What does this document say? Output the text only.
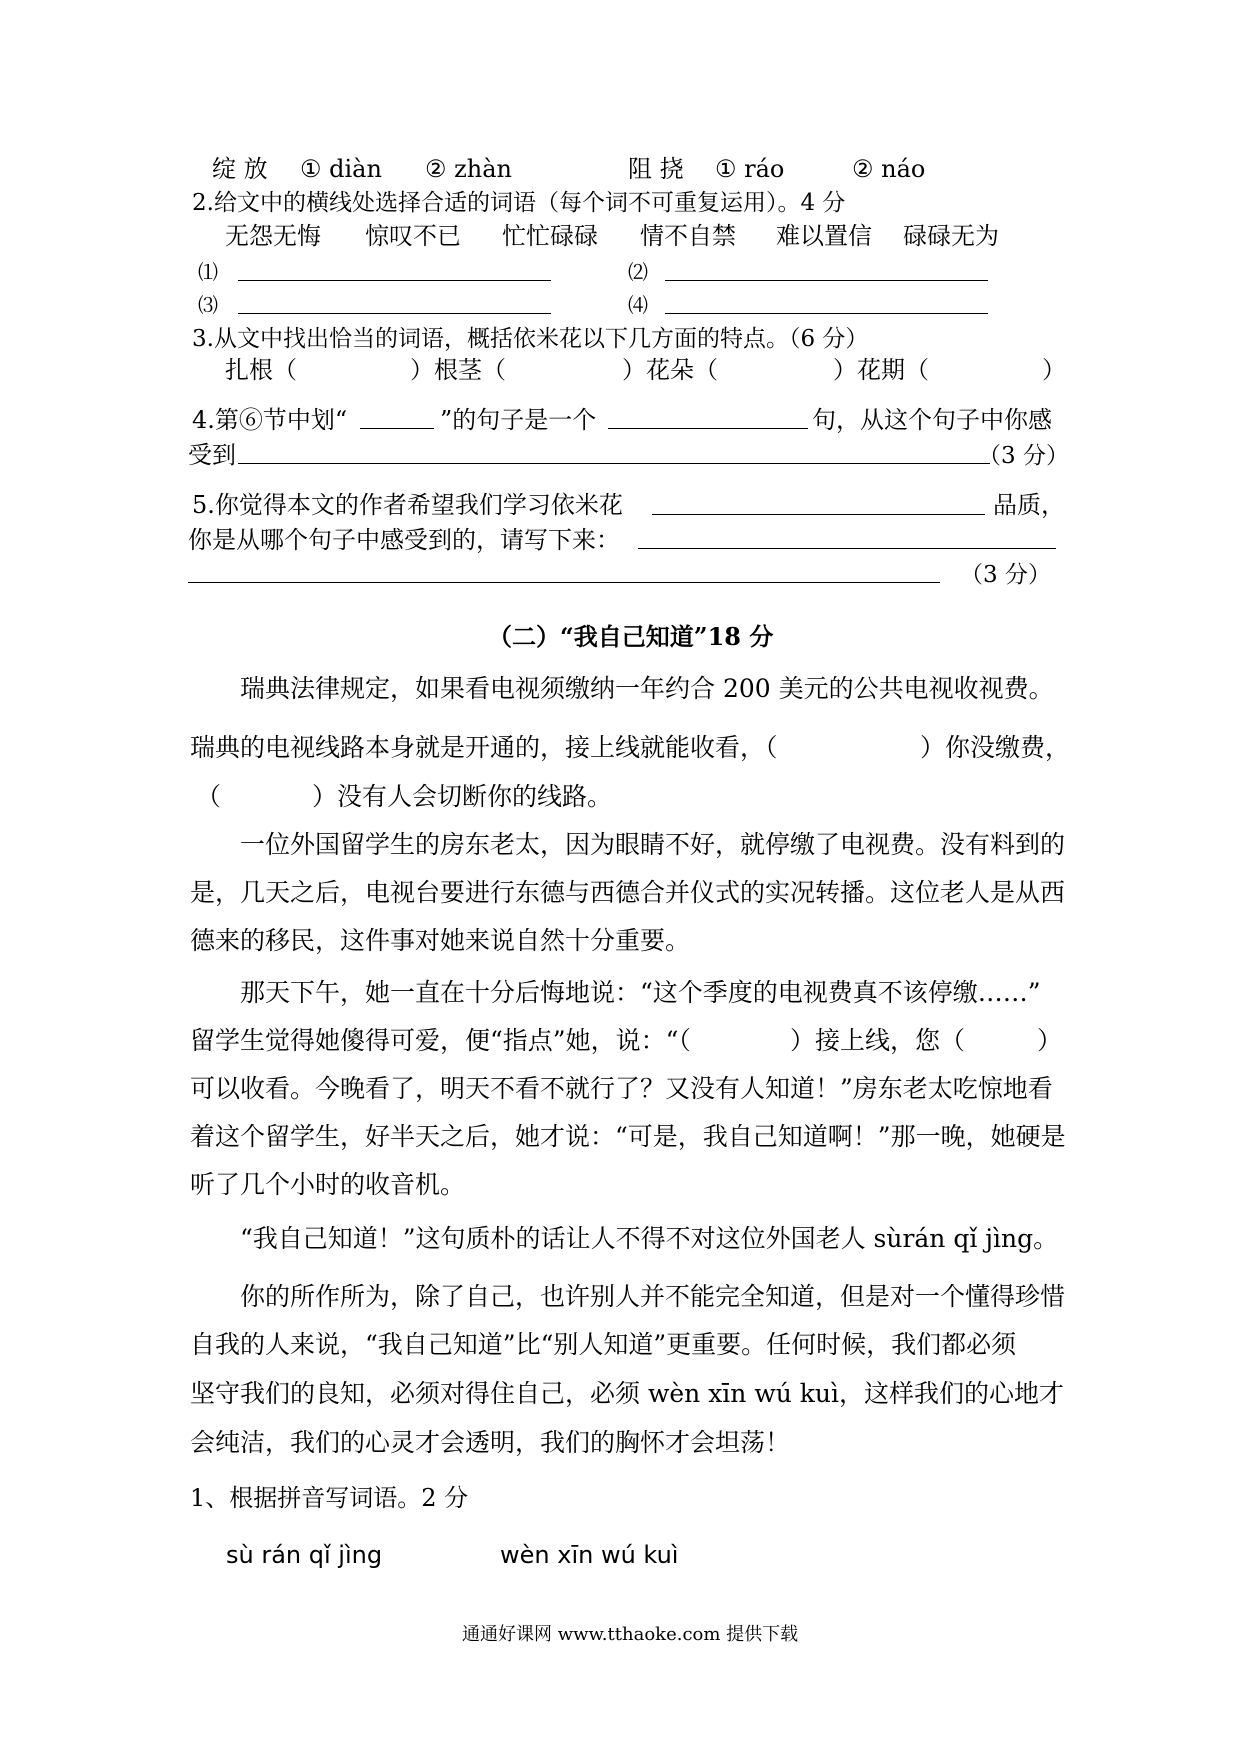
绽 放 ① diàn ② zhàn	阻 挠 ① ráo	② náo
2.给文中的横线处选择合适的词语（每个词不可重复运用）。4 分
无怨无悔 惊叹不已 忙忙碌碌 情不自禁 难以置信 碌碌无为
⑴	⑵
⑶	⑷
3.从文中找出恰当的词语，概括依米花以下几方面的特点。（6 分）
扎根（	）根茎（	）花朵（	）花期（	）
4.第⑥节中划“	”的句子是一个	句，从这个句子中你感
受到	（3 分）
5.你觉得本文的作者希望我们学习依米花	品质，
你是从哪个句子中感受到的，请写下来：
（3 分）
（二）“我自己知道”18 分
瑞典法律规定，如果看电视须缴纳一年约合 200 美元的公共电视收视费。
瑞典的电视线路本身就是开通的，接上线就能收看，（	）你没缴费，
（	）没有人会切断你的线路。
一位外国留学生的房东老太，因为眼睛不好，就停缴了电视费。没有料到的
是，几天之后，电视台要进行东德与西德合并仪式的实况转播。这位老人是从西
德来的移民，这件事对她来说自然十分重要。
那天下午，她一直在十分后悔地说：“这个季度的电视费真不该停缴……”
留学生觉得她傻得可爱，便“指点”她，说：“（	）接上线，您（	）
可以收看。今晚看了，明天不看不就行了？又没有人知道！”房东老太吃惊地看
着这个留学生，好半天之后，她才说：“可是，我自己知道啊！”那一晚，她硬是
听了几个小时的收音机。
“我自己知道！”这句质朴的话让人不得不对这位外国老人 sùrán qǐ jìng。
你的所作所为，除了自己，也许别人并不能完全知道，但是对一个懂得珍惜
自我的人来说，“我自己知道”比“别人知道”更重要。任何时候，我们都必须
坚守我们的良知，必须对得住自己，必须 wèn xīn wú kuì，这样我们的心地才
会纯洁，我们的心灵才会透明，我们的胸怀才会坦荡！
1、根据拼音写词语。2 分
sù rán qǐ jìng	wèn xīn wú kuì
通通好课网 www.tthaoke.com 提供下载
